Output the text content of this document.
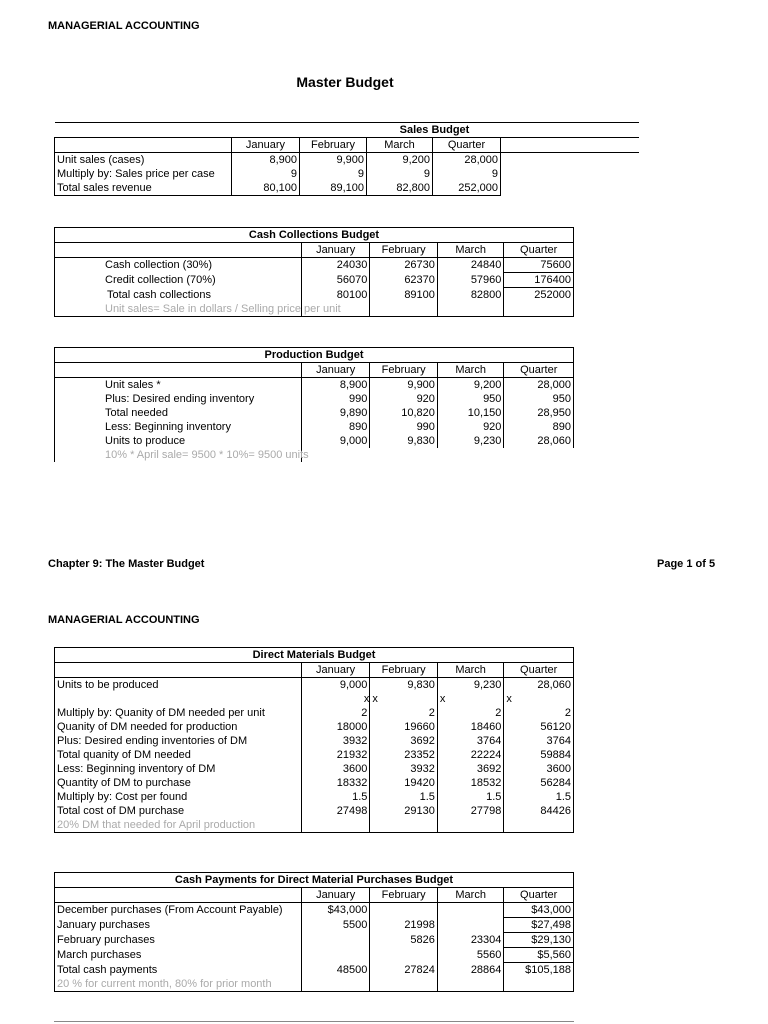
MANAGERIAL ACCOUNTING
Master Budget
		Sales Budget				
	January	February	March	Quarter		
Unit sales (cases)	8,900	9,900	9,200	28,000		
Multiply by: Sales price per case	9	9	9	9		
Total sales revenue	80,100	89,100	82,800	252,000		
Cash Collections Budget				
	January	February	March	Quarter
Cash collection (30%)	24030	26730	24840	75600
Credit collection (70%)	56070	62370	57960	176400
Total cash collections	80100	89100	82800	252000
Unit sales= Sale in dollars / Selling price per unit				
Production Budget				
	January	February	March	Quarter
Unit sales *	8,900	9,900	9,200	28,000
Plus: Desired ending inventory	990	920	950	950
Total needed	9,890	10,820	10,150	28,950
Less: Beginning inventory	890	990	920	890
Units to produce	9,000	9,830	9,230	28,060
10% * April sale= 9500 * 10%= 9500 units				
Chapter 9: The Master Budget	Page 1 of 5
MANAGERIAL ACCOUNTING
Direct Materials Budget				
	January	February	March	Quarter
Units to be produced	9,000	9,830	9,230	28,060
	x	x	x	x
Multiply by: Quanity of DM needed per unit	2	2	2	2
Quanity of DM needed for production	18000	19660	18460	56120
Plus: Desired ending inventories of DM	3932	3692	3764	3764
Total quanity of DM needed	21932	23352	22224	59884
Less: Beginning inventory of DM	3600	3932	3692	3600
Quantity of DM to purchase	18332	19420	18532	56284
Multiply by: Cost per found	1.5	1.5	1.5	1.5
Total cost of DM purchase	27498	29130	27798	84426
20% DM that needed for April production				
Cash Payments for Direct Material Purchases Budget				
	January	February	March	Quarter
December purchases (From Account Payable)	$43,000			$43,000
January purchases	5500	21998		$27,498
February purchases		5826	23304	$29,130
March purchases			5560	$5,560
Total cash payments	48500	27824	28864	$105,188
20 % for current month, 80% for prior month				
